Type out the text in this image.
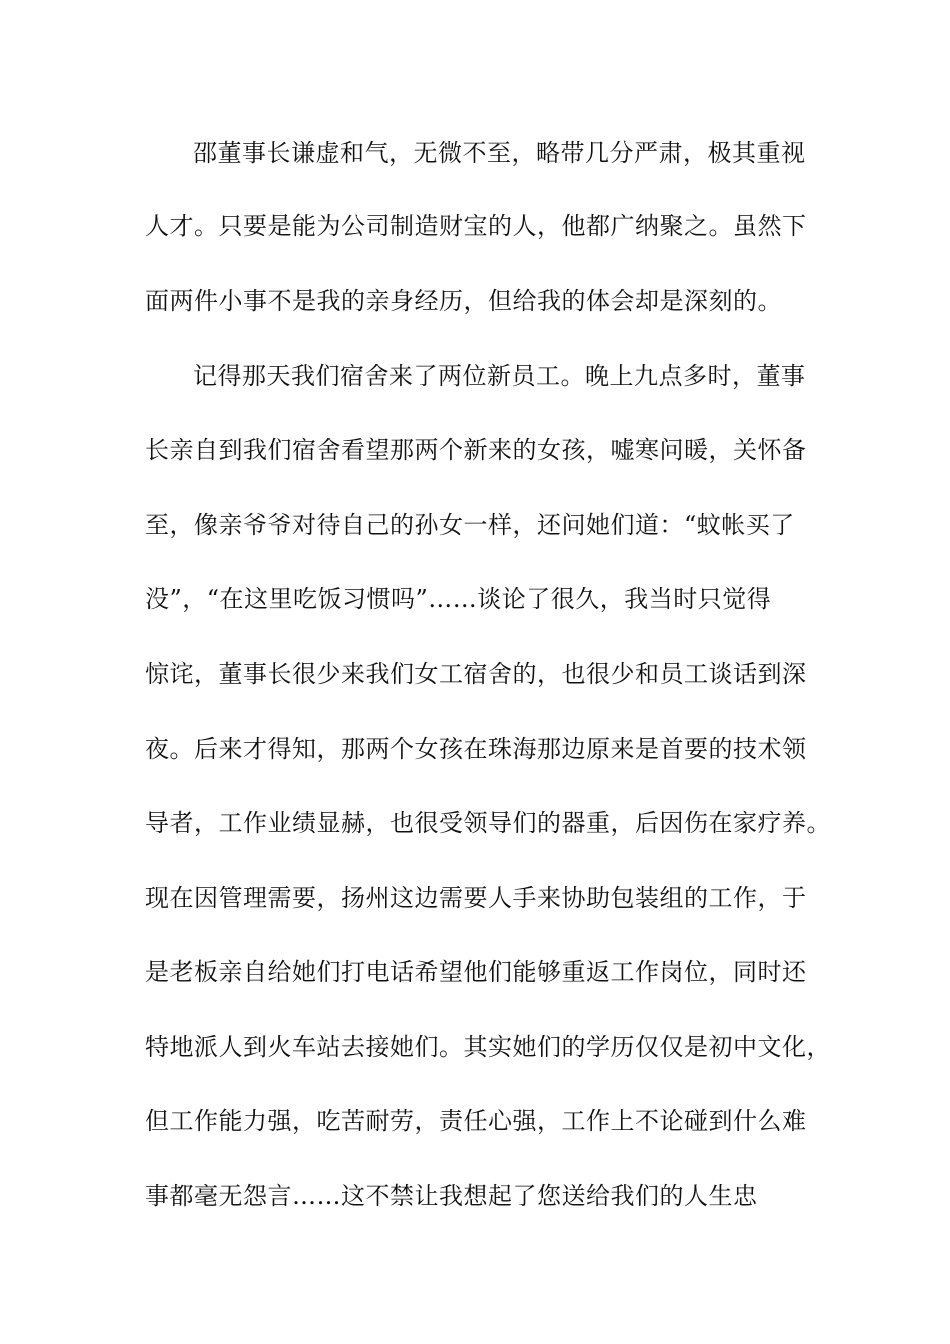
邵董事长谦虚和气，无微不至，略带几分严肃，极其重视
人才。只要是能为公司制造财宝的人，他都广纳聚之。虽然下
面两件小事不是我的亲身经历，但给我的体会却是深刻的。
记得那天我们宿舍来了两位新员工。晚上九点多时，董事
长亲自到我们宿舍看望那两个新来的女孩，嘘寒问暖，关怀备
至，像亲爷爷对待自己的孙女一样，还问她们道：“蚊帐买了
没”，“在这里吃饭习惯吗”……谈论了很久，我当时只觉得
惊诧，董事长很少来我们女工宿舍的，也很少和员工谈话到深
夜。后来才得知，那两个女孩在珠海那边原来是首要的技术领
导者，工作业绩显赫，也很受领导们的器重，后因伤在家疗养。
现在因管理需要，扬州这边需要人手来协助包装组的工作，于
是老板亲自给她们打电话希望他们能够重返工作岗位，同时还
特地派人到火车站去接她们。其实她们的学历仅仅是初中文化，
但工作能力强，吃苦耐劳，责任心强，工作上不论碰到什么难
事都毫无怨言……这不禁让我想起了您送给我们的人生忠
